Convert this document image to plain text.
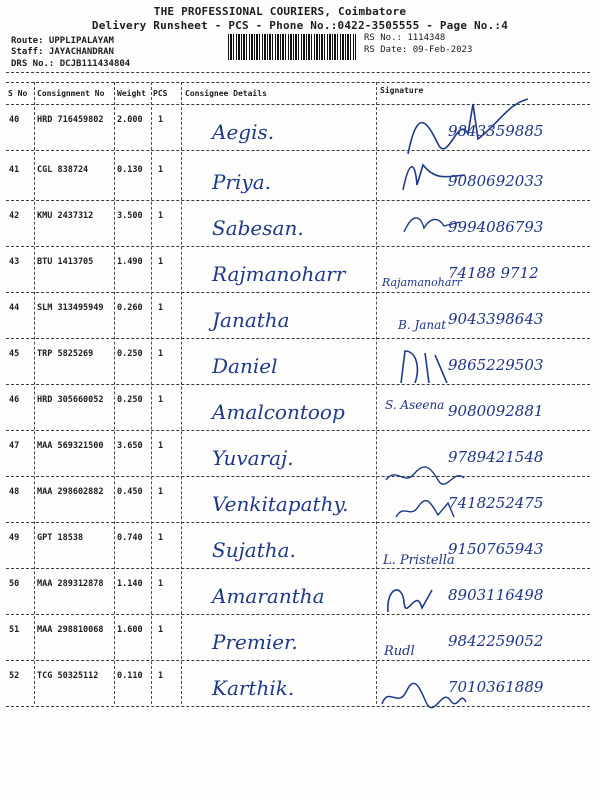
THE PROFESSIONAL COURIERS, Coimbatore
Delivery Runsheet - PCS - Phone No.:0422-3505555 - Page No.:4
Route: UPPLIPALAYAM
Staff: JAYACHANDRAN
DRS No.: DCJB111434804
RS No.: 1114348
RS Date: 09-Feb-2023
S No Consignment No Weight PCS Consignee Details	Signature
40 HRD 716459802 2.000 1 Aegis.	9843359885
41 CGL 838724	0.130 1 Priya.	9080692033
42 KMU 2437312	3.500 1 Sabesan.	9994086793
43 BTU 1413705	1.490 1 Rajmanoharr	74188 9712
44 SLM 313495949 0.260 1 Janatha	9043398643
45 TRP 5825269	0.250 1 Daniel	9865229503
46 HRD 305660052 0.250 1 Amalcontoop	9080092881
47 MAA 569321500 3.650 1 Yuvaraj.	9789421548
48 MAA 298602882 0.450 1 Venkitapathy.	7418252475
49 GPT 18538	0.740 1 Sujatha.	9150765943
50 MAA 289312878 1.140 1 Amarantha	8903116498
51 MAA 298810068 1.600 1 Premier.	9842259052
52 TCG 50325112 0.110 1 Karthik.	7010361889
Rajamanoharr
B. Janat
S. Aseena
L. Pristella
Rudl
